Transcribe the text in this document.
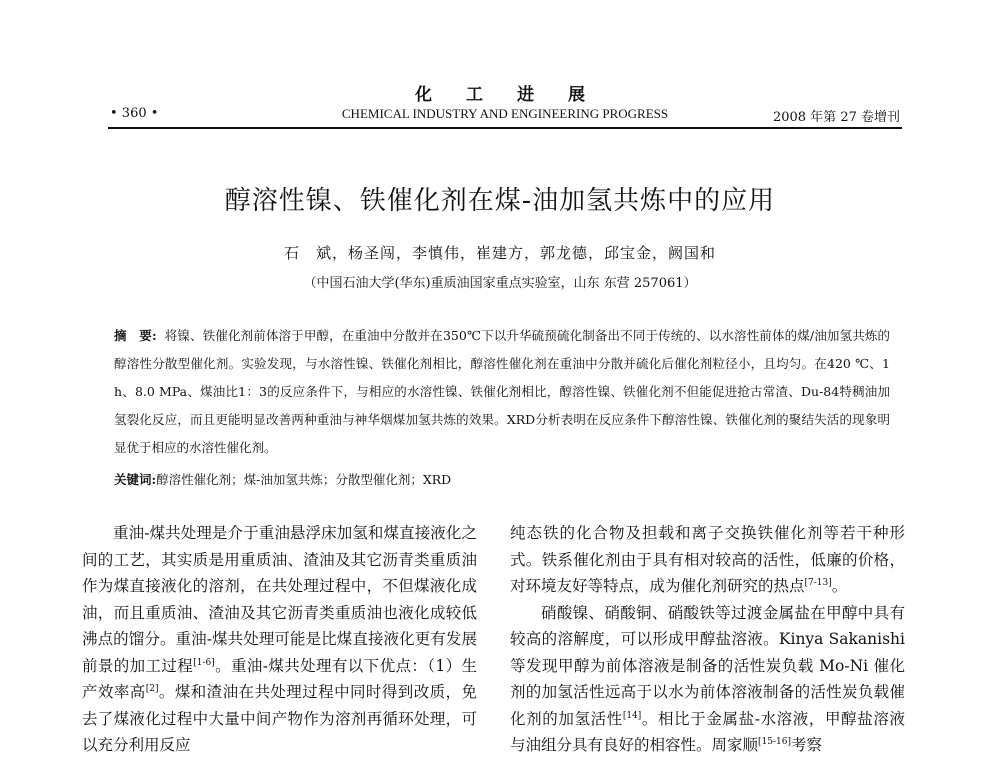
化工进展
• 360 •	CHEMICAL INDUSTRY AND ENGINEERING PROGRESS	2008 年第 27 卷增刊
醇溶性镍、铁催化剂在煤-油加氢共炼中的应用
石　斌，杨圣闯，李慎伟，崔建方，郭龙德，邱宝金，阙国和
（中国石油大学(华东)重质油国家重点实验室，山东 东营 257061）
摘　要: 将镍、铁催化剂前体溶于甲醇，在重油中分散并在350℃下以升华硫预硫化制备出不同于传统的、以水溶性前体的煤/油加氢共炼的醇溶性分散型催化剂。实验发现，与水溶性镍、铁催化剂相比，醇溶性催化剂在重油中分散并硫化后催化剂粒径小，且均匀。在420 ℃、1 h、8.0 MPa、煤油比1：3的反应条件下，与相应的水溶性镍、铁催化剂相比，醇溶性镍、铁催化剂不但能促进抢古常渣、Du-84特稠油加氢裂化反应，而且更能明显改善两种重油与神华烟煤加氢共炼的效果。XRD分析表明在反应条件下醇溶性镍、铁催化剂的聚结失活的现象明显优于相应的水溶性催化剂。
关键词:醇溶性催化剂；煤-油加氢共炼；分散型催化剂；XRD

重油-煤共处理是介于重油悬浮床加氢和煤直接液化之间的工艺，其实质是用重质油、渣油及其它沥青类重质油作为煤直接液化的溶剂，在共处理过程中，不但煤液化成油，而且重质油、渣油及其它沥青类重质油也液化成较低沸点的馏分。重油-煤共处理可能是比煤直接液化更有发展前景的加工过程[1-6]。重油-煤共处理有以下优点：（1）生产效率高[2]。煤和渣油在共处理过程中同时得到改质，免去了煤液化过程中大量中间产物作为溶剂再循环处理，可以充分利用反应

纯态铁的化合物及担载和离子交换铁催化剂等若干种形式。铁系催化剂由于具有相对较高的活性，低廉的价格，对环境友好等特点，成为催化剂研究的热点[7-13]。

硝酸镍、硝酸铜、硝酸铁等过渡金属盐在甲醇中具有较高的溶解度，可以形成甲醇盐溶液。Kinya Sakanishi等发现甲醇为前体溶液是制备的活性炭负载 Mo-Ni 催化剂的加氢活性远高于以水为前体溶液制备的活性炭负载催化剂的加氢活性[14]。相比于金属盐-水溶液，甲醇盐溶液与油组分具有良好的相容性。周家顺[15-16]考察
